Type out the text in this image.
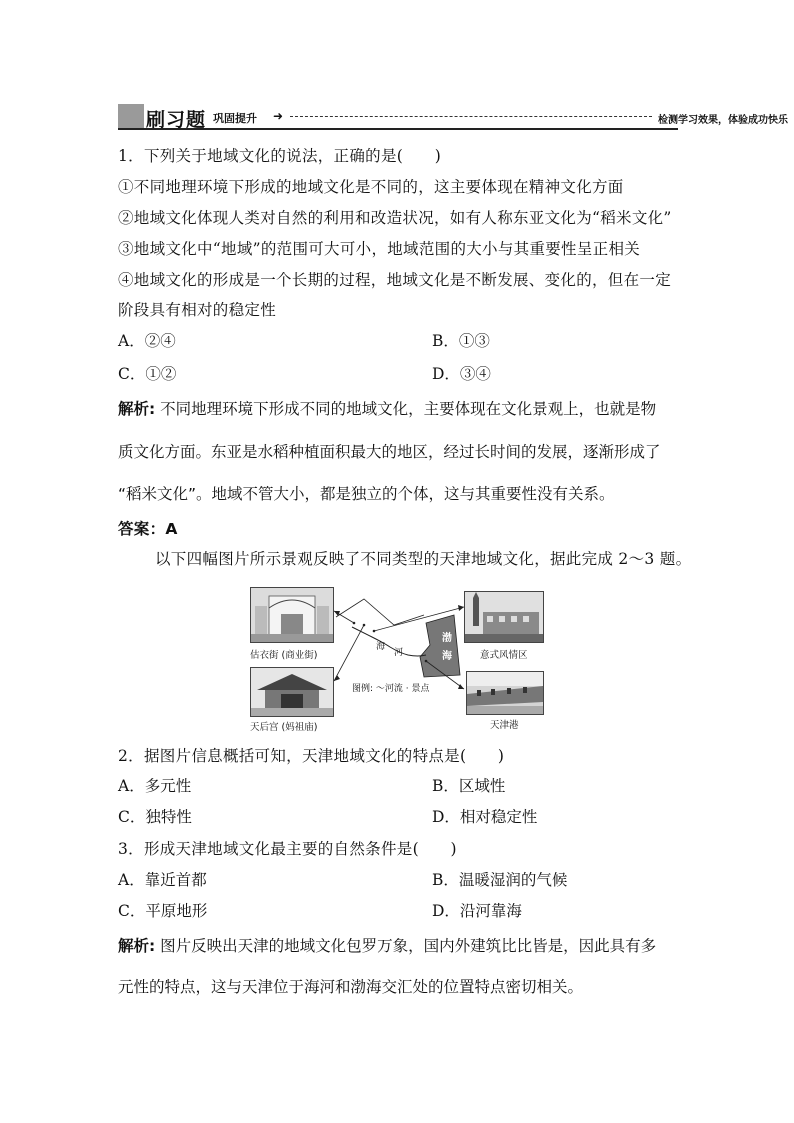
刷习题 巩固提升 ➜	检测学习效果，体验成功快乐
1．下列关于地域文化的说法，正确的是(　　)
①不同地理环境下形成的地域文化是不同的，这主要体现在精神文化方面
②地域文化体现人类对自然的利用和改造状况，如有人称东亚文化为“稻米文化”
③地域文化中“地域”的范围可大可小，地域范围的大小与其重要性呈正相关
④地域文化的形成是一个长期的过程，地域文化是不断发展、变化的，但在一定
阶段具有相对的稳定性
A．②④	B．①③
C．①②	D．③④
解析: 不同地理环境下形成不同的地域文化，主要体现在文化景观上，也就是物
质文化方面。东亚是水稻种植面积最大的地区，经过长时间的发展，逐渐形成了
“稻米文化”。地域不管大小，都是独立的个体，这与其重要性没有关系。
答案：A
以下四幅图片所示景观反映了不同类型的天津地域文化，据此完成 2～3 题。
估衣街 (商业街)
天后宫 (妈祖庙)
意式风情区
天津港
海
河
渤
海
图例: ～河流 · 景点
2．据图片信息概括可知，天津地域文化的特点是(　　)
A．多元性	B．区域性
C．独特性	D．相对稳定性
3．形成天津地域文化最主要的自然条件是(　　)
A．靠近首都	B．温暖湿润的气候
C．平原地形	D．沿河靠海
解析: 图片反映出天津的地域文化包罗万象，国内外建筑比比皆是，因此具有多
元性的特点，这与天津位于海河和渤海交汇处的位置特点密切相关。
